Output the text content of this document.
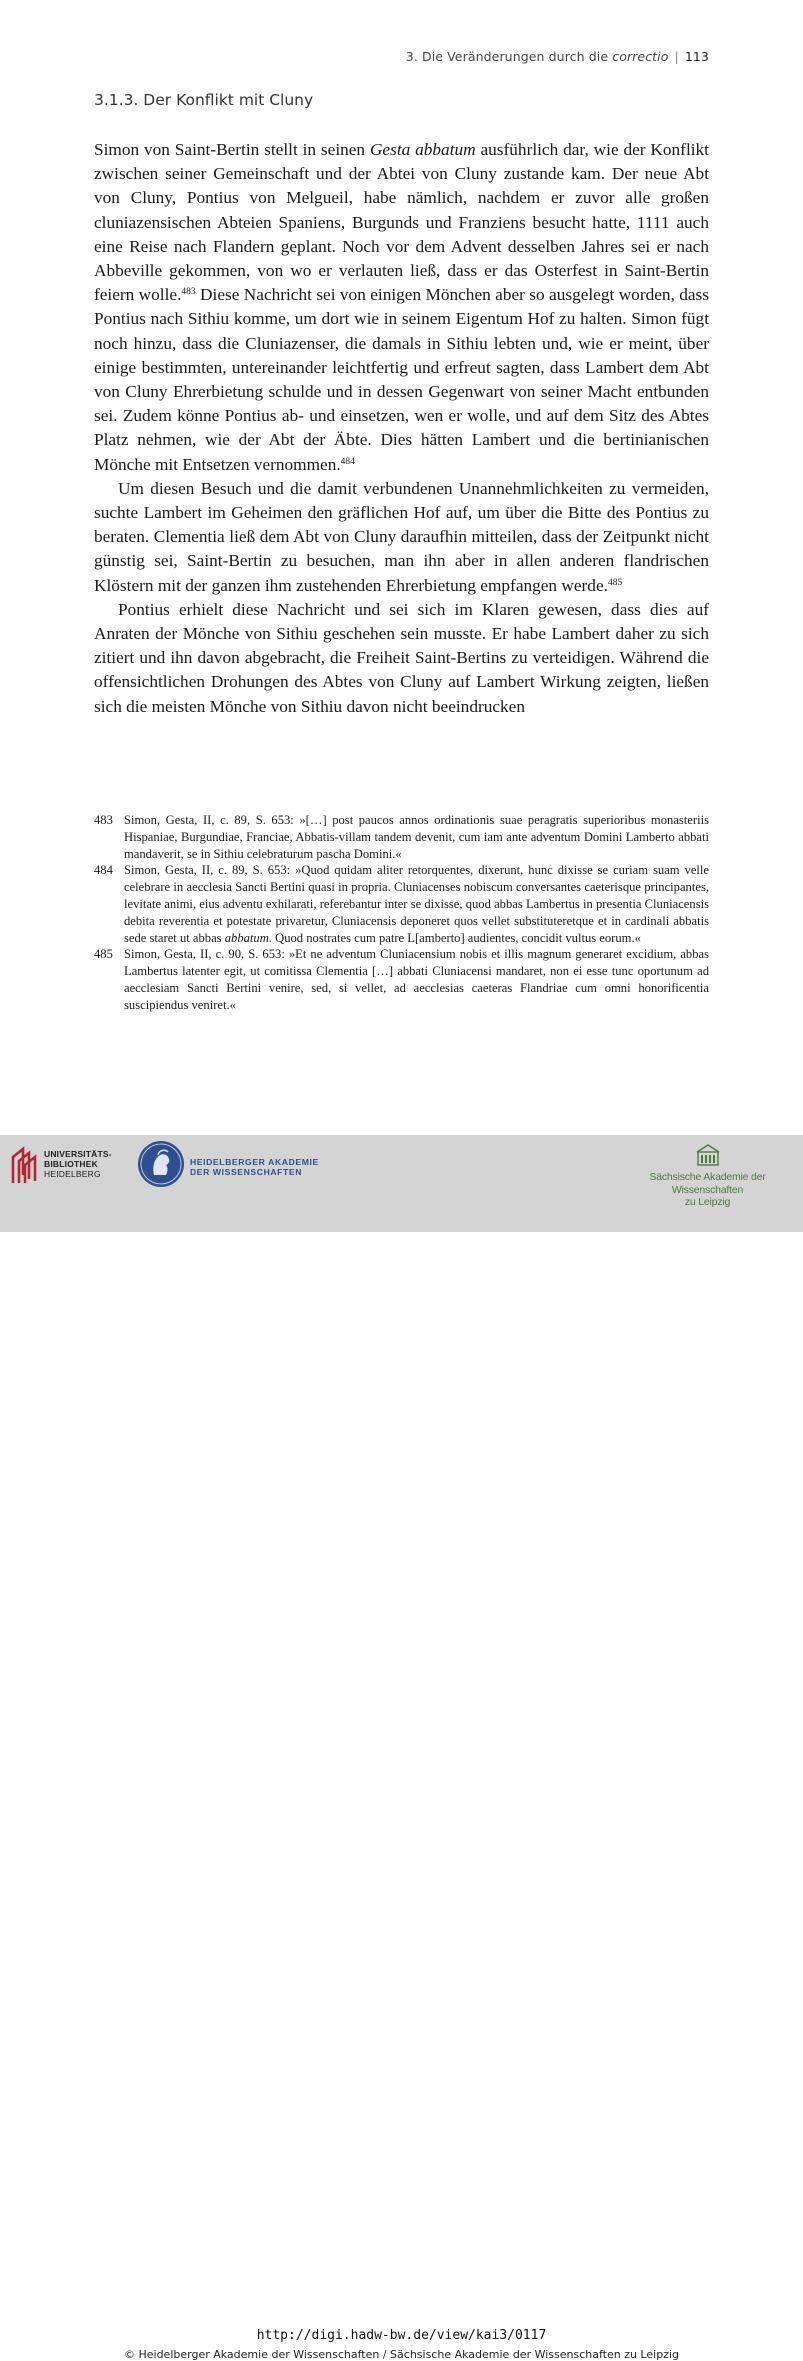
3. Die Veränderungen durch die correctio | 113
3.1.3. Der Konflikt mit Cluny

Simon von Saint-Bertin stellt in seinen Gesta abbatum ausführlich dar, wie der Konflikt zwischen seiner Gemeinschaft und der Abtei von Cluny zustande kam. Der neue Abt von Cluny, Pontius von Melgueil, habe nämlich, nachdem er zuvor alle großen cluniazensischen Abteien Spaniens, Burgunds und Franziens besucht hatte, 1111 auch eine Reise nach Flandern geplant. Noch vor dem Advent desselben Jahres sei er nach Abbeville gekommen, von wo er verlauten ließ, dass er das Osterfest in Saint-Bertin feiern wolle.$^{483}$ Diese Nachricht sei von einigen Mönchen aber so ausgelegt worden, dass Pontius nach Sithiu komme, um dort wie in seinem Eigentum Hof zu halten. Simon fügt noch hinzu, dass die Cluniazenser, die damals in Sithiu lebten und, wie er meint, über einige bestimmten, untereinander leichtfertig und erfreut sagten, dass Lambert dem Abt von Cluny Ehrerbietung schulde und in dessen Gegenwart von seiner Macht entbunden sei. Zudem könne Pontius ab- und einsetzen, wen er wolle, und auf dem Sitz des Abtes Platz nehmen, wie der Abt der Äbte. Dies hätten Lambert und die bertinianischen Mönche mit Entsetzen vernommen.$^{484}$

Um diesen Besuch und die damit verbundenen Unannehmlichkeiten zu vermeiden, suchte Lambert im Geheimen den gräflichen Hof auf, um über die Bitte des Pontius zu beraten. Clementia ließ dem Abt von Cluny daraufhin mitteilen, dass der Zeitpunkt nicht günstig sei, Saint-Bertin zu besuchen, man ihn aber in allen anderen flandrischen Klöstern mit der ganzen ihm zustehenden Ehrerbietung empfangen werde.$^{485}$

Pontius erhielt diese Nachricht und sei sich im Klaren gewesen, dass dies auf Anraten der Mönche von Sithiu geschehen sein musste. Er habe Lambert daher zu sich zitiert und ihn davon abgebracht, die Freiheit Saint-Bertins zu verteidigen. Während die offensichtlichen Drohungen des Abtes von Cluny auf Lambert Wirkung zeigten, ließen sich die meisten Mönche von Sithiu davon nicht beeindrucken

483 Simon, Gesta, II, c. 89, S. 653: »[…] post paucos annos ordinationis suae peragratis superioribus monasteriis Hispaniae, Burgundiae, Franciae, Abbatis-villam tandem devenit, cum iam ante adventum Domini Lamberto abbati mandaverit, se in Sithiu celebraturum pascha Domini.«
484 Simon, Gesta, II, c. 89, S. 653: »Quod quidam aliter retorquentes, dixerunt, hunc dixisse se curiam suam velle celebrare in aecclesia Sancti Bertini quasi in propria. Cluniacenses nobiscum conversantes caeterisque principantes, levitate animi, eius adventu exhilarati, referebantur inter se dixisse, quod abbas Lambertus in presentia Cluniacensis debita reverentia et potestate privaretur, Cluniacensis deponeret quos vellet substituteretque et in cardinali abbatis sede staret ut abbas abbatum. Quod nostrates cum patre L[amberto] audientes, concidit vultus eorum.«
485 Simon, Gesta, II, c. 90, S. 653: »Et ne adventum Cluniacensium nobis et illis magnum generaret excidium, abbas Lambertus latenter egit, ut comitissa Clementia […] abbati Cluniacensi mandaret, non ei esse tunc oportunum ad aecclesiam Sancti Bertini venire, sed, si vellet, ad aecclesias caeteras Flandriae cum omni honorificentia suscipiendus veniret.«
UNIVERSITÄTS-
BIBLIOTHEK
HEIDELBERG
HEIDELBERGER AKADEMIE
DER WISSENSCHAFTEN	Sächsische Akademie der Wissenschaften
zu Leipzig
http://digi.hadw-bw.de/view/kai3/0117
© Heidelberger Akademie der Wissenschaften / Sächsische Akademie der Wissenschaften zu Leipzig
